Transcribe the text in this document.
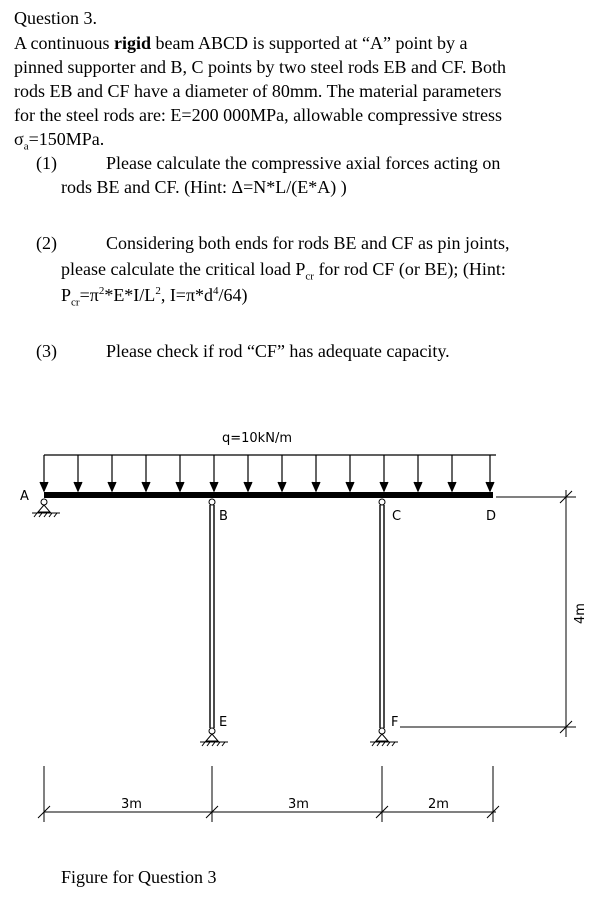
Question 3.
A continuous rigid beam ABCD is supported at “A” point by a
pinned supporter and B, C points by two steel rods EB and CF. Both
rods EB and CF have a diameter of 80mm. The material parameters
for the steel rods are: E=200 000MPa, allowable compressive stress
$\sigma_a=150MPa$.
(1)	Please calculate the compressive axial forces acting on
rods BE and CF. (Hint: Δ=N*L/(E*A) )
(2)	Considering both ends for rods BE and CF as pin joints,
please calculate the critical load $P_{cr}$ for rod CF (or BE); (Hint:
$P_{cr}=\pi^2*E*I/L^2$, $I=\pi*d^4/64$)
(3)	Please check if rod “CF” has adequate capacity.
q=10kN/m
A
B	C	D
E	F
4m
3m	3m	2m
Figure for Question 3
